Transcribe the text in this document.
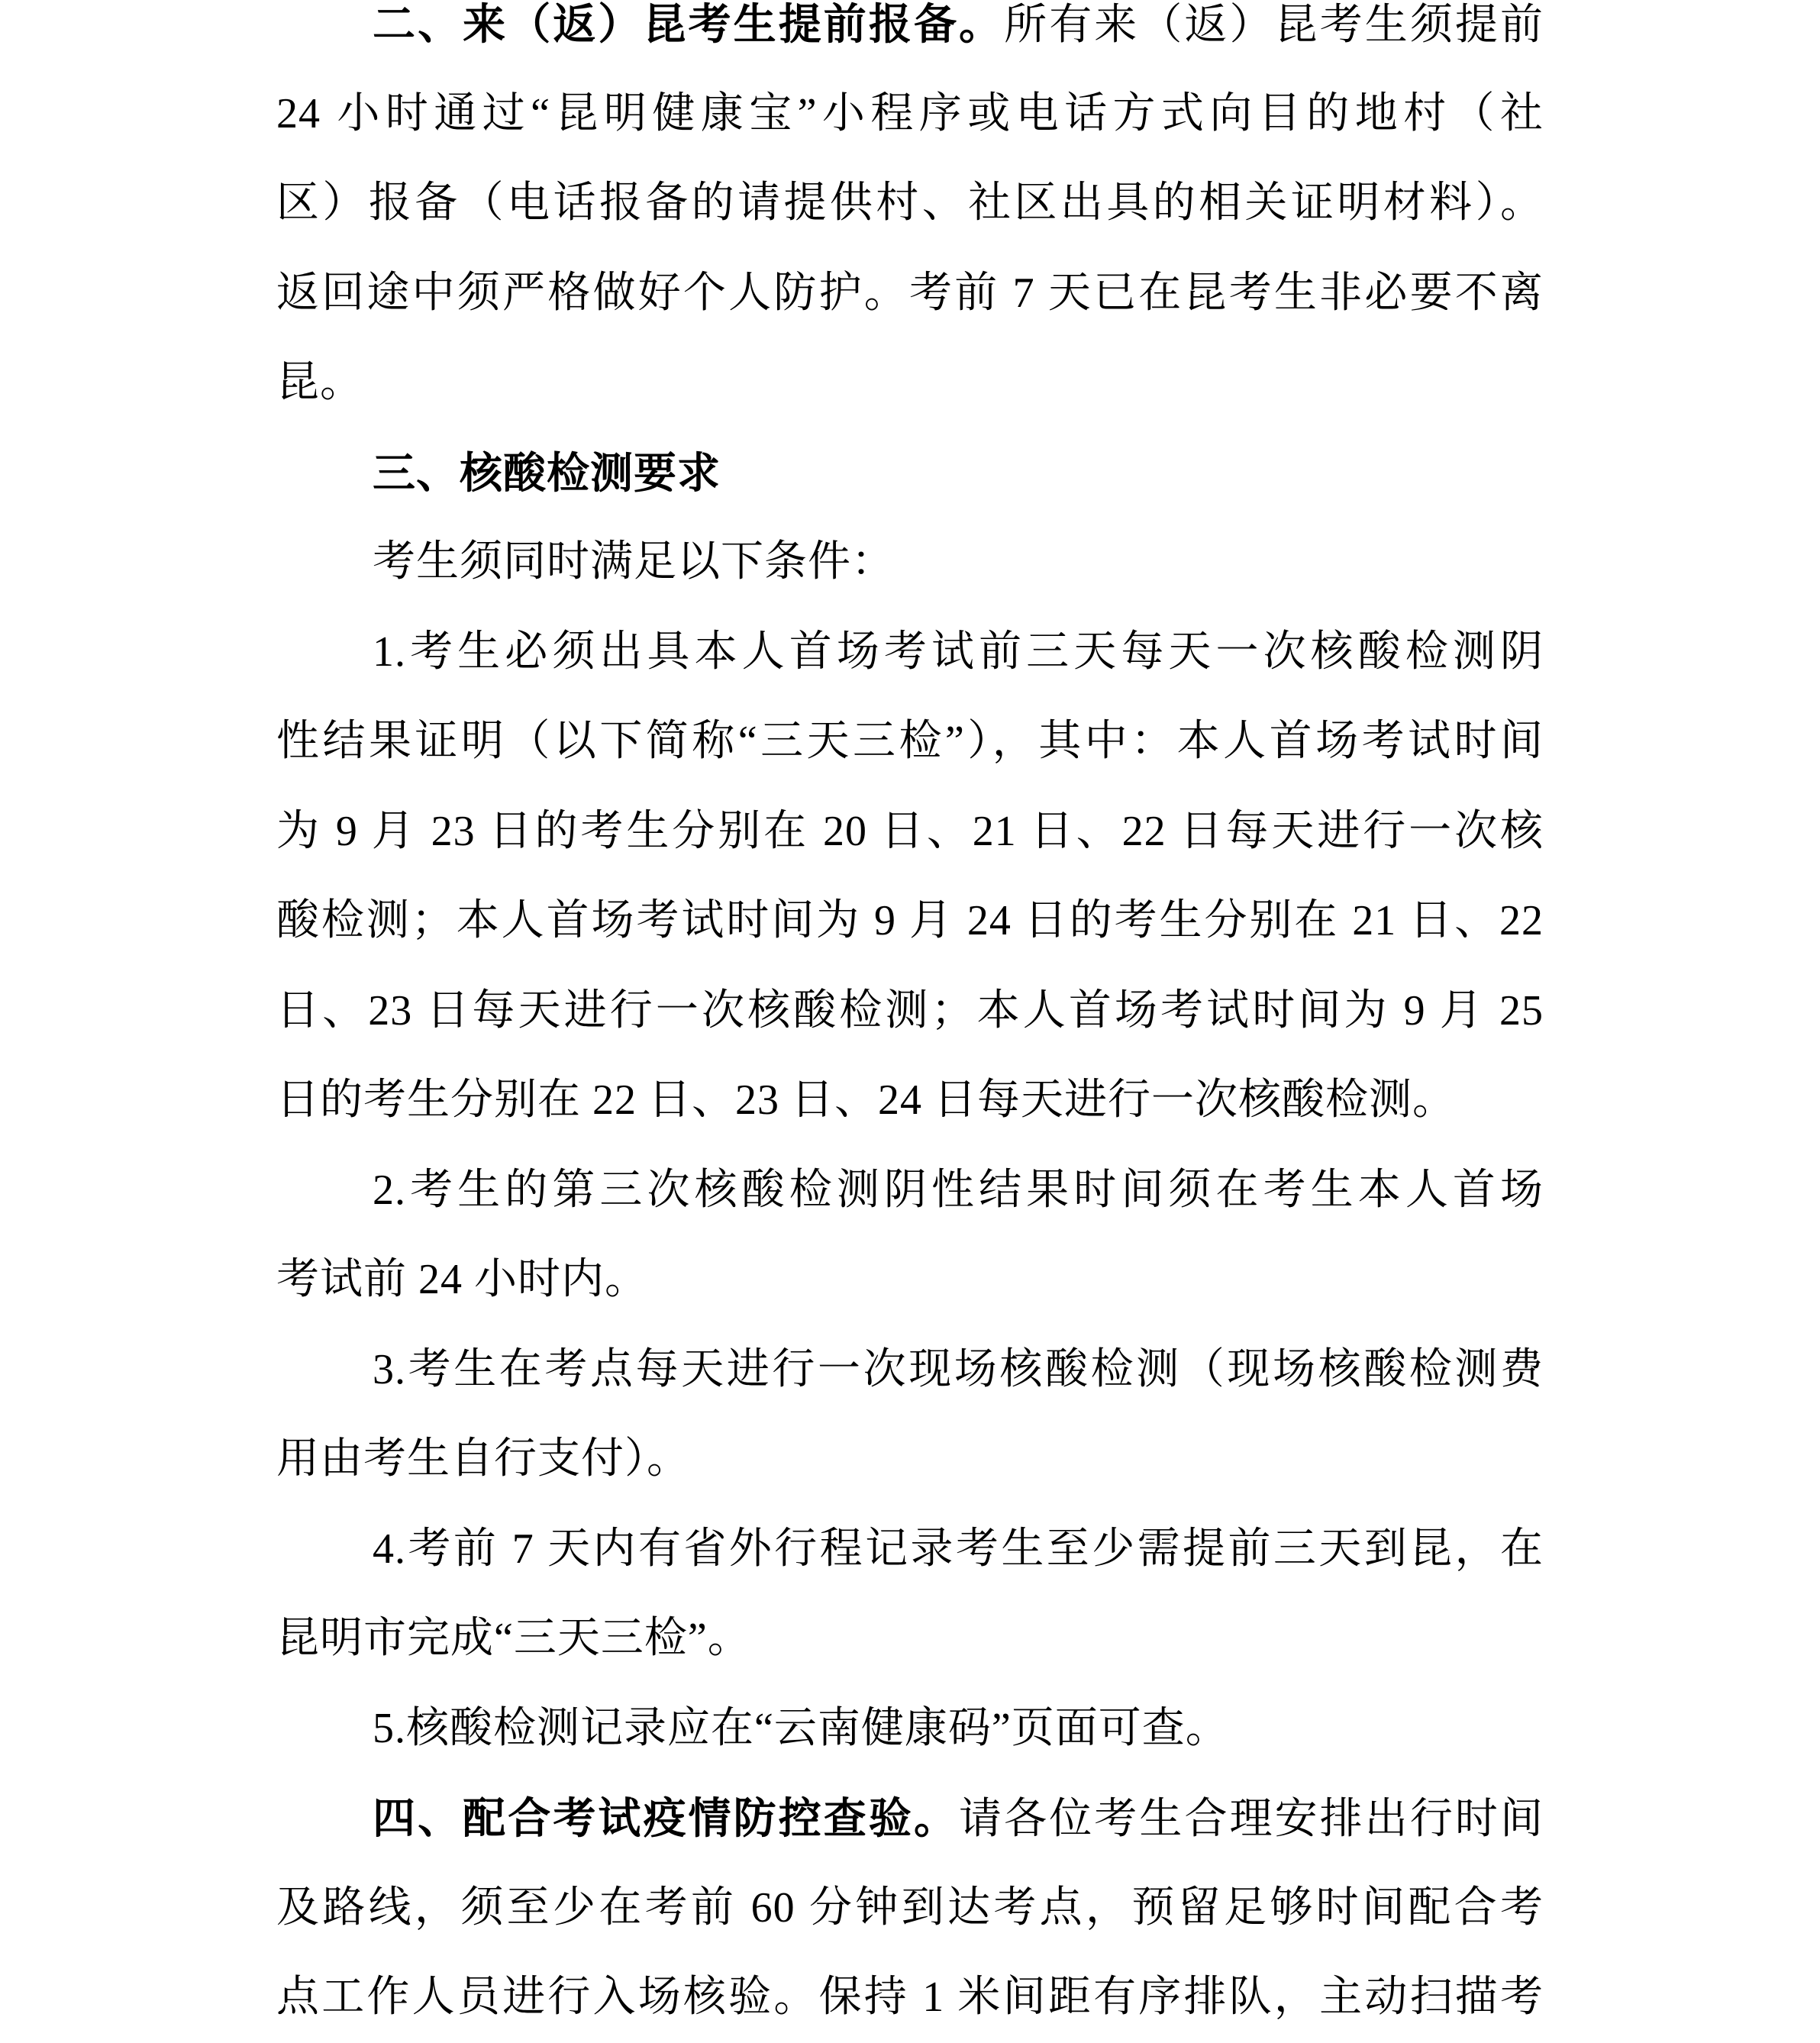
二、来（返）昆考生提前报备。所有来（返）昆考生须提前
24 小时通过“昆明健康宝”小程序或电话方式向目的地村（社
区）报备（电话报备的请提供村、社区出具的相关证明材料）。
返回途中须严格做好个人防护。考前 7 天已在昆考生非必要不离
昆。
三、核酸检测要求
考生须同时满足以下条件：
1.考生必须出具本人首场考试前三天每天一次核酸检测阴
性结果证明（以下简称“三天三检”），其中：本人首场考试时间
为 9 月 23 日的考生分别在 20 日、21 日、22 日每天进行一次核
酸检测；本人首场考试时间为 9 月 24 日的考生分别在 21 日、22
日、23 日每天进行一次核酸检测；本人首场考试时间为 9 月 25
日的考生分别在 22 日、23 日、24 日每天进行一次核酸检测。
2.考生的第三次核酸检测阴性结果时间须在考生本人首场
考试前 24 小时内。
3.考生在考点每天进行一次现场核酸检测（现场核酸检测费
用由考生自行支付）。
4.考前 7 天内有省外行程记录考生至少需提前三天到昆，在
昆明市完成“三天三检”。
5.核酸检测记录应在“云南健康码”页面可查。
四、配合考试疫情防控查验。请各位考生合理安排出行时间
及路线，须至少在考前 60 分钟到达考点，预留足够时间配合考
点工作人员进行入场核验。保持 1 米间距有序排队，主动扫描考
